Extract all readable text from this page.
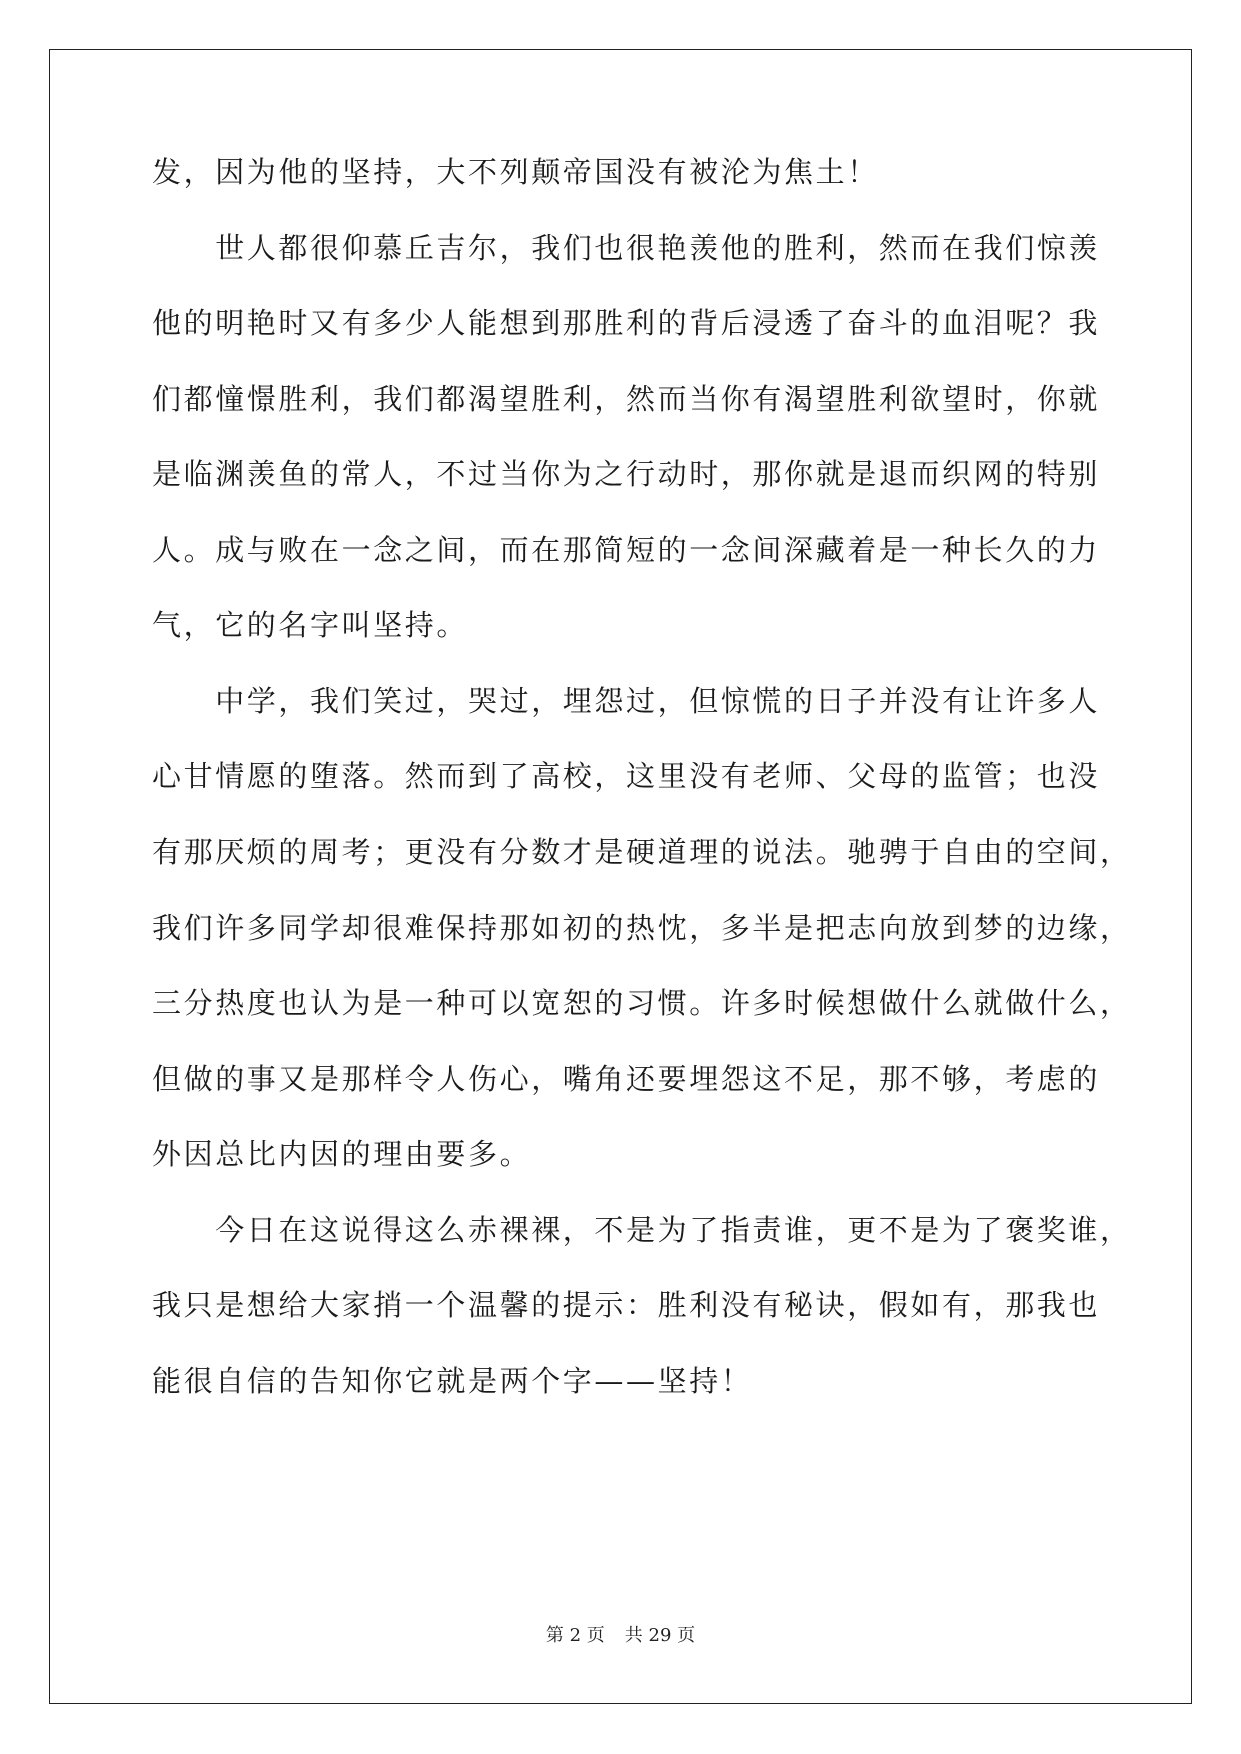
发，因为他的坚持，大不列颠帝国没有被沦为焦土！
　　世人都很仰慕丘吉尔，我们也很艳羡他的胜利，然而在我们惊羡
他的明艳时又有多少人能想到那胜利的背后浸透了奋斗的血泪呢？我
们都憧憬胜利，我们都渴望胜利，然而当你有渴望胜利欲望时，你就
是临渊羡鱼的常人，不过当你为之行动时，那你就是退而织网的特别
人。成与败在一念之间，而在那简短的一念间深藏着是一种长久的力
气，它的名字叫坚持。
　　中学，我们笑过，哭过，埋怨过，但惊慌的日子并没有让许多人
心甘情愿的堕落。然而到了高校，这里没有老师、父母的监管；也没
有那厌烦的周考；更没有分数才是硬道理的说法。驰骋于自由的空间，
我们许多同学却很难保持那如初的热忱，多半是把志向放到梦的边缘，
三分热度也认为是一种可以宽恕的习惯。许多时候想做什么就做什么，
但做的事又是那样令人伤心，嘴角还要埋怨这不足，那不够，考虑的
外因总比内因的理由要多。
　　今日在这说得这么赤裸裸，不是为了指责谁，更不是为了褒奖谁，
我只是想给大家捎一个温馨的提示：胜利没有秘诀，假如有，那我也
能很自信的告知你它就是两个字——坚持！
第 2 页 共 29 页
